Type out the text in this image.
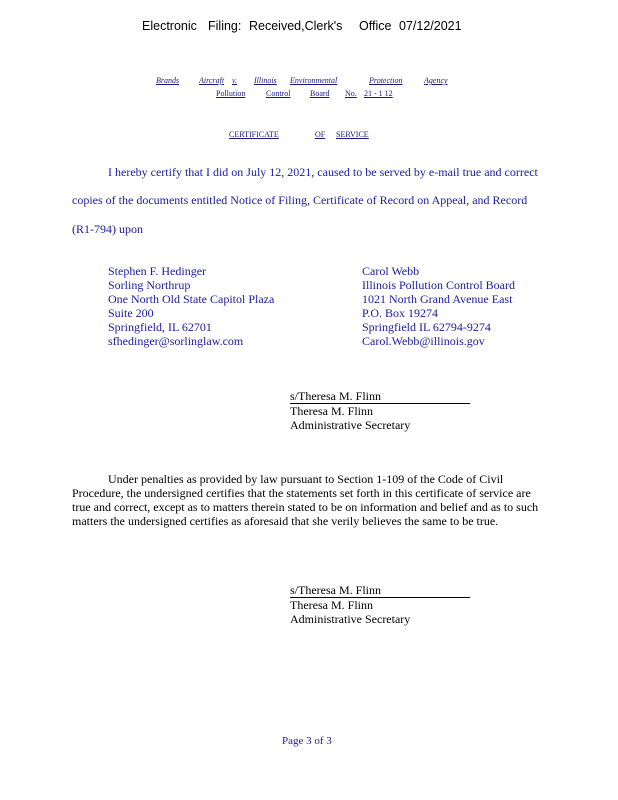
Electronic Filing: Received,Clerk's Office 07/12/2021
Brands Aircraft v. Illinois Environmental	Protection	Agency
Pollution	Control Board No. 21 - 1 12
CERTIFICATE	OF SERVICE
I hereby certify that I did on July 12, 2021, caused to be served by e-mail true and correct
copies of the documents entitled Notice of Filing, Certificate of Record on Appeal, and Record
(R1-794) upon
Stephen F. Hedinger
Sorling Northrup
One North Old State Capitol Plaza
Suite 200
Springfield, IL 62701
sfhedinger@sorlinglaw.com
Carol Webb
Illinois Pollution Control Board
1021 North Grand Avenue East
P.O. Box 19274
Springfield IL 62794-9274
Carol.Webb@illinois.gov
s/Theresa M. Flinn
Theresa M. Flinn
Administrative Secretary
Under penalties as provided by law pursuant to Section 1-109 of the Code of Civil
Procedure, the undersigned certifies that the statements set forth in this certificate of service are
true and correct, except as to matters therein stated to be on information and belief and as to such
matters the undersigned certifies as aforesaid that she verily believes the same to be true.
s/Theresa M. Flinn
Theresa M. Flinn
Administrative Secretary
Page 3 of 3
